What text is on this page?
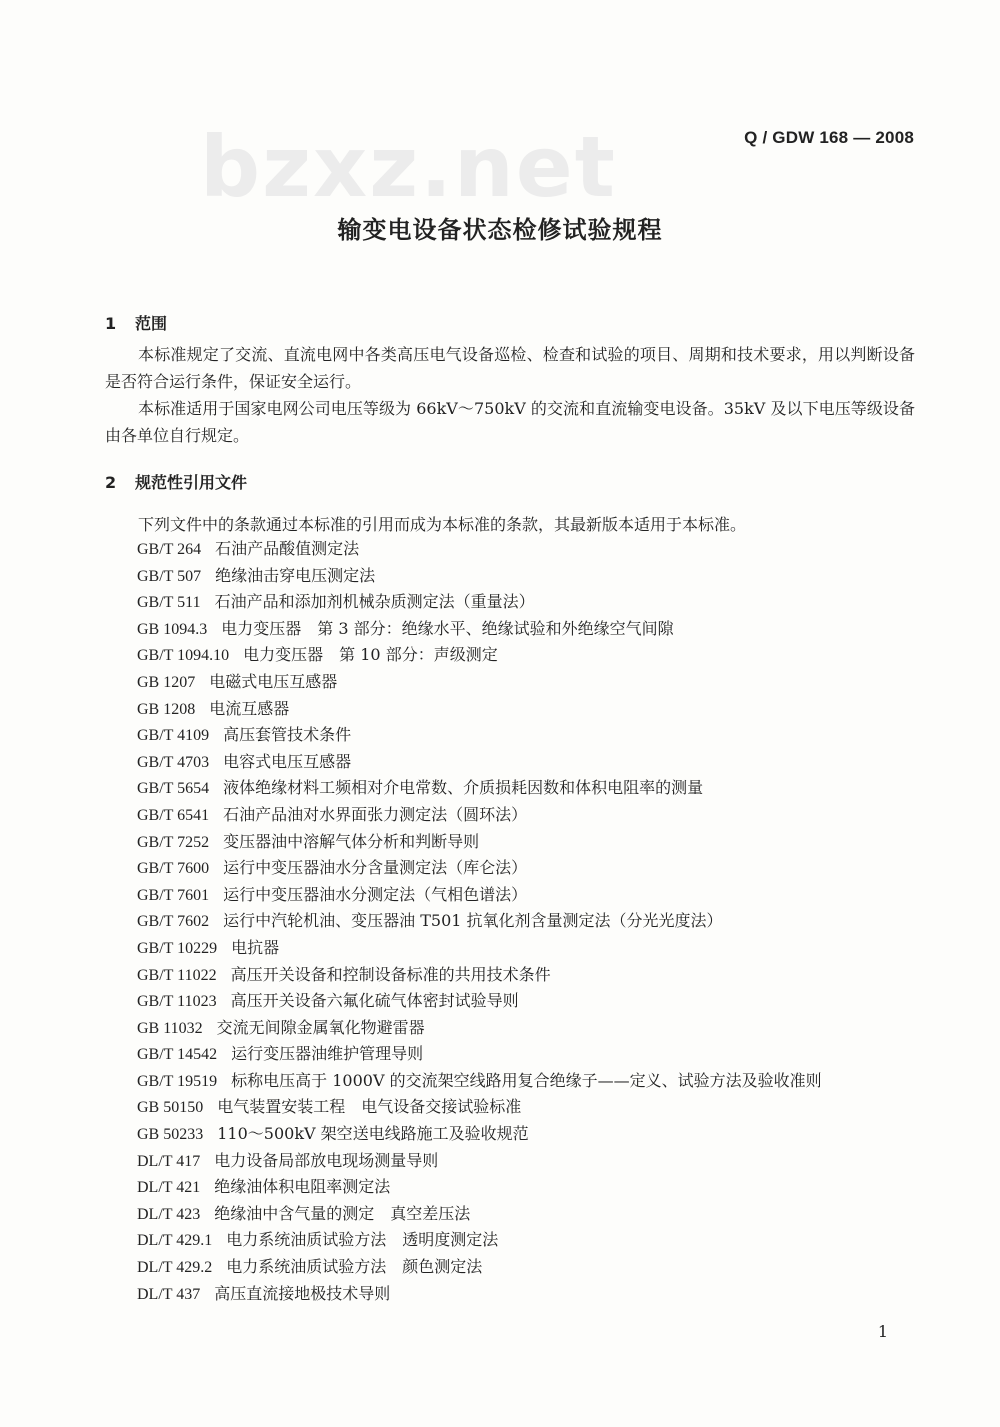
bzxz.net	Q / GDW 168 — 2008
输变电设备状态检修试验规程
1 范围

本标准规定了交流、直流电网中各类高压电气设备巡检、检查和试验的项目、周期和技术要求，用以判断设备是否符合运行条件，保证安全运行。

本标准适用于国家电网公司电压等级为 66kV～750kV 的交流和直流输变电设备。35kV 及以下电压等级设备由各单位自行规定。

2 规范性引用文件
下列文件中的条款通过本标准的引用而成为本标准的条款，其最新版本适用于本标准。
GB/T 264 石油产品酸值测定法
GB/T 507 绝缘油击穿电压测定法
GB/T 511 石油产品和添加剂机械杂质测定法（重量法）
GB 1094.3 电力变压器　第 3 部分：绝缘水平、绝缘试验和外绝缘空气间隙
GB/T 1094.10 电力变压器　第 10 部分：声级测定
GB 1207 电磁式电压互感器
GB 1208 电流互感器
GB/T 4109 高压套管技术条件
GB/T 4703 电容式电压互感器
GB/T 5654 液体绝缘材料工频相对介电常数、介质损耗因数和体积电阻率的测量
GB/T 6541 石油产品油对水界面张力测定法（圆环法）
GB/T 7252 变压器油中溶解气体分析和判断导则
GB/T 7600 运行中变压器油水分含量测定法（库仑法）
GB/T 7601 运行中变压器油水分测定法（气相色谱法）
GB/T 7602 运行中汽轮机油、变压器油 T501 抗氧化剂含量测定法（分光光度法）
GB/T 10229 电抗器
GB/T 11022 高压开关设备和控制设备标准的共用技术条件
GB/T 11023 高压开关设备六氟化硫气体密封试验导则
GB 11032 交流无间隙金属氧化物避雷器
GB/T 14542 运行变压器油维护管理导则
GB/T 19519 标称电压高于 1000V 的交流架空线路用复合绝缘子——定义、试验方法及验收准则
GB 50150 电气装置安装工程　电气设备交接试验标准
GB 50233 110～500kV 架空送电线路施工及验收规范
DL/T 417 电力设备局部放电现场测量导则
DL/T 421 绝缘油体积电阻率测定法
DL/T 423 绝缘油中含气量的测定　真空差压法
DL/T 429.1 电力系统油质试验方法　透明度测定法
DL/T 429.2 电力系统油质试验方法　颜色测定法
DL/T 437 高压直流接地极技术导则
1
